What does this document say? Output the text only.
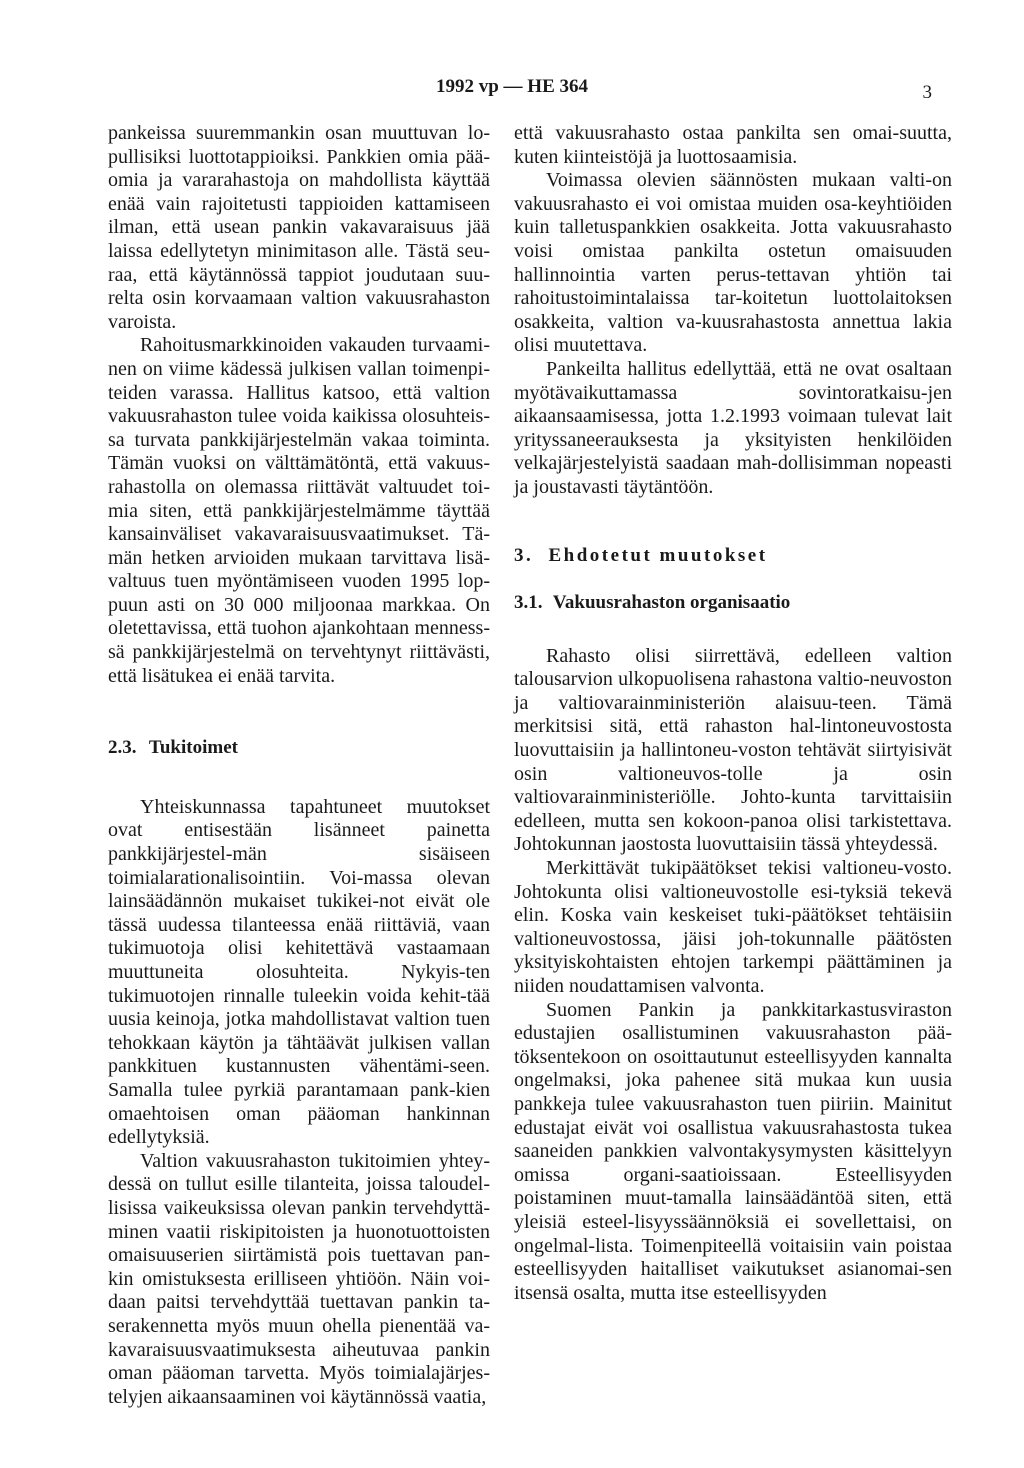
1992 vp — HE 364	3

pankeissa suuremmankin osan muuttuvan lo-pullisiksi luottotappioiksi. Pankkien omia pää-omia ja vararahastoja on mahdollista käyttää enää vain rajoitetusti tappioiden kattamiseen ilman, että usean pankin vakavaraisuus jää laissa edellytetyn minimitason alle. Tästä seu-raa, että käytännössä tappiot joudutaan suu-relta osin korvaamaan valtion vakuusrahaston varoista.

Rahoitusmarkkinoiden vakauden turvaami-nen on viime kädessä julkisen vallan toimenpi-teiden varassa. Hallitus katsoo, että valtion vakuusrahaston tulee voida kaikissa olosuhteis-sa turvata pankkijärjestelmän vakaa toiminta. Tämän vuoksi on välttämätöntä, että vakuus-rahastolla on olemassa riittävät valtuudet toi-mia siten, että pankkijärjestelmämme täyttää kansainväliset vakavaraisuusvaatimukset. Tä-män hetken arvioiden mukaan tarvittava lisä-valtuus tuen myöntämiseen vuoden 1995 lop-puun asti on 30 000 miljoonaa markkaa. On oletettavissa, että tuohon ajankohtaan menness-sä pankkijärjestelmä on tervehtynyt riittävästi, että lisätukea ei enää tarvita.

2.3. Tukitoimet

Yhteiskunnassa tapahtuneet muutokset ovat entisestään lisänneet painetta pankkijärjestel-män sisäiseen toimialarationalisointiin. Voi-massa olevan lainsäädännön mukaiset tukikei-not eivät ole tässä uudessa tilanteessa enää riittäviä, vaan tukimuotoja olisi kehitettävä vastaamaan muuttuneita olosuhteita. Nykyis-ten tukimuotojen rinnalle tuleekin voida kehit-tää uusia keinoja, jotka mahdollistavat valtion tuen tehokkaan käytön ja tähtäävät julkisen vallan pankkituen kustannusten vähentämi-seen. Samalla tulee pyrkiä parantamaan pank-kien omaehtoisen oman pääoman hankinnan edellytyksiä.

Valtion vakuusrahaston tukitoimien yhtey-dessä on tullut esille tilanteita, joissa taloudel-lisissa vaikeuksissa olevan pankin tervehdyttä-minen vaatii riskipitoisten ja huonotuottoisten omaisuuserien siirtämistä pois tuettavan pan-kin omistuksesta erilliseen yhtiöön. Näin voi-daan paitsi tervehdyttää tuettavan pankin ta-serakennetta myös muun ohella pienentää va-kavaraisuusvaatimuksesta aiheutuvaa pankin oman pääoman tarvetta. Myös toimialajärjes-telyjen aikaansaaminen voi käytännössä vaatia,

että vakuusrahasto ostaa pankilta sen omai-suutta, kuten kiinteistöjä ja luottosaamisia.

Voimassa olevien säännösten mukaan valti-on vakuusrahasto ei voi omistaa muiden osa-keyhtiöiden kuin talletuspankkien osakkeita. Jotta vakuusrahasto voisi omistaa pankilta ostetun omaisuuden hallinnointia varten perus-tettavan yhtiön tai rahoitustoimintalaissa tar-koitetun luottolaitoksen osakkeita, valtion va-kuusrahastosta annettua lakia olisi muutettava.

Pankeilta hallitus edellyttää, että ne ovat osaltaan myötävaikuttamassa sovintoratkaisu-jen aikaansaamisessa, jotta 1.2.1993 voimaan tulevat lait yrityssaneerauksesta ja yksityisten henkilöiden velkajärjestelyistä saadaan mah-dollisimman nopeasti ja joustavasti täytäntöön.

3. Ehdotetut muutokset
3.1. Vakuusrahaston organisaatio

Rahasto olisi siirrettävä, edelleen valtion talousarvion ulkopuolisena rahastona valtio-neuvoston ja valtiovarainministeriön alaisuu-teen. Tämä merkitsisi sitä, että rahaston hal-lintoneuvostosta luovuttaisiin ja hallintoneu-voston tehtävät siirtyisivät osin valtioneuvos-tolle ja osin valtiovarainministeriölle. Johto-kunta tarvittaisiin edelleen, mutta sen kokoon-panoa olisi tarkistettava. Johtokunnan jaostosta luovuttaisiin tässä yhteydessä.

Merkittävät tukipäätökset tekisi valtioneu-vosto. Johtokunta olisi valtioneuvostolle esi-tyksiä tekevä elin. Koska vain keskeiset tuki-päätökset tehtäisiin valtioneuvostossa, jäisi joh-tokunnalle päätösten yksityiskohtaisten ehtojen tarkempi päättäminen ja niiden noudattamisen valvonta.

Suomen Pankin ja pankkitarkastusviraston edustajien osallistuminen vakuusrahaston pää-töksentekoon on osoittautunut esteellisyyden kannalta ongelmaksi, joka pahenee sitä mukaa kun uusia pankkeja tulee vakuusrahaston tuen piiriin. Mainitut edustajat eivät voi osallistua vakuusrahastosta tukea saaneiden pankkien valvontakysymysten käsittelyyn omissa organi-saatioissaan. Esteellisyyden poistaminen muut-tamalla lainsäädäntöä siten, että yleisiä esteel-lisyyssäännöksiä ei sovellettaisi, on ongelmal-lista. Toimenpiteellä voitaisiin vain poistaa esteellisyyden haitalliset vaikutukset asianomai-sen itsensä osalta, mutta itse esteellisyyden
